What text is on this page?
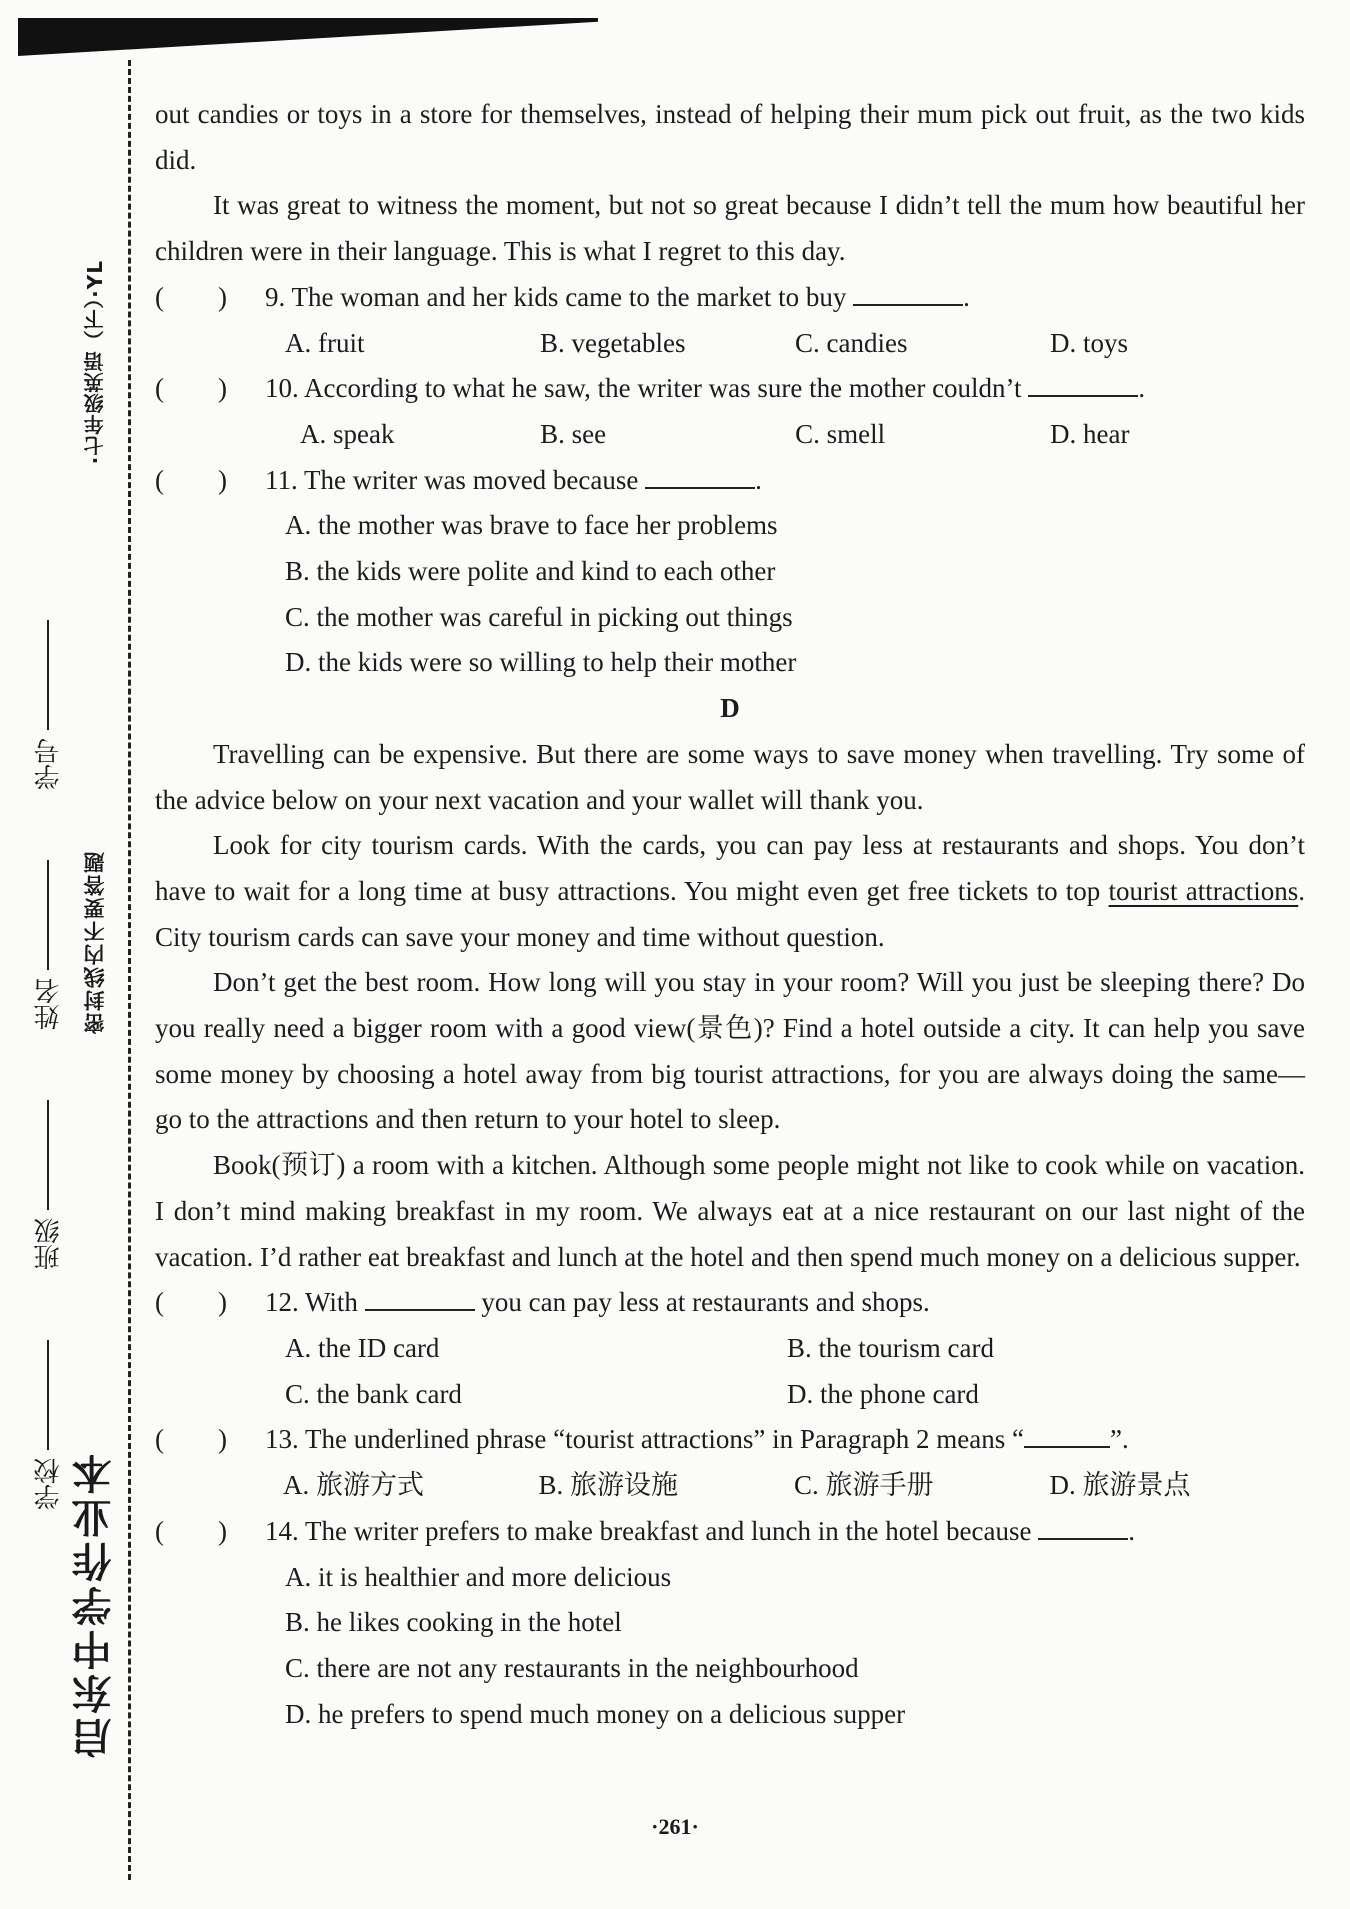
·七年级英语（下）·YL
密封线内不要答题
学号
姓名
班级
学校 启东中学作业本

out candies or toys in a store for themselves, instead of helping their mum pick out fruit, as the two kids did.

It was great to witness the moment, but not so great because I didn’t tell the mum how beautiful her children were in their language. This is what I regret to this day.

(　　) 9. The woman and her kids came to the market to buy	.
A. fruit	B. vegetables	C. candies	D. toys
(　　) 10. According to what he saw, the writer was sure the mother couldn’t	.
A. speak	B. see	C. smell	D. hear
(　　) 11. The writer was moved because	.
A. the mother was brave to face her problems
B. the kids were polite and kind to each other
C. the mother was careful in picking out things
D. the kids were so willing to help their mother

D

Travelling can be expensive. But there are some ways to save money when travelling. Try some of the advice below on your next vacation and your wallet will thank you.

Look for city tourism cards. With the cards, you can pay less at restaurants and shops. You don’t have to wait for a long time at busy attractions. You might even get free tickets to top tourist attractions. City tourism cards can save your money and time without question.

Don’t get the best room. How long will you stay in your room? Will you just be sleeping there? Do you really need a bigger room with a good view(景色)? Find a hotel outside a city. It can help you save some money by choosing a hotel away from big tourist attractions, for you are always doing the same—go to the attractions and then return to your hotel to sleep.

Book(预订) a room with a kitchen. Although some people might not like to cook while on vacation. I don’t mind making breakfast in my room. We always eat at a nice restaurant on our last night of the vacation. I’d rather eat breakfast and lunch at the hotel and then spend much money on a delicious supper.

(　　) 12. With	you can pay less at restaurants and shops.
A. the ID card	B. the tourism card
C. the bank card	D. the phone card
(　　) 13. The underlined phrase “tourist attractions” in Paragraph 2 means “	”.
A. 旅游方式	B. 旅游设施	C. 旅游手册	D. 旅游景点
(　　) 14. The writer prefers to make breakfast and lunch in the hotel because	.
A. it is healthier and more delicious
B. he likes cooking in the hotel
C. there are not any restaurants in the neighbourhood
D. he prefers to spend much money on a delicious supper
·261·
